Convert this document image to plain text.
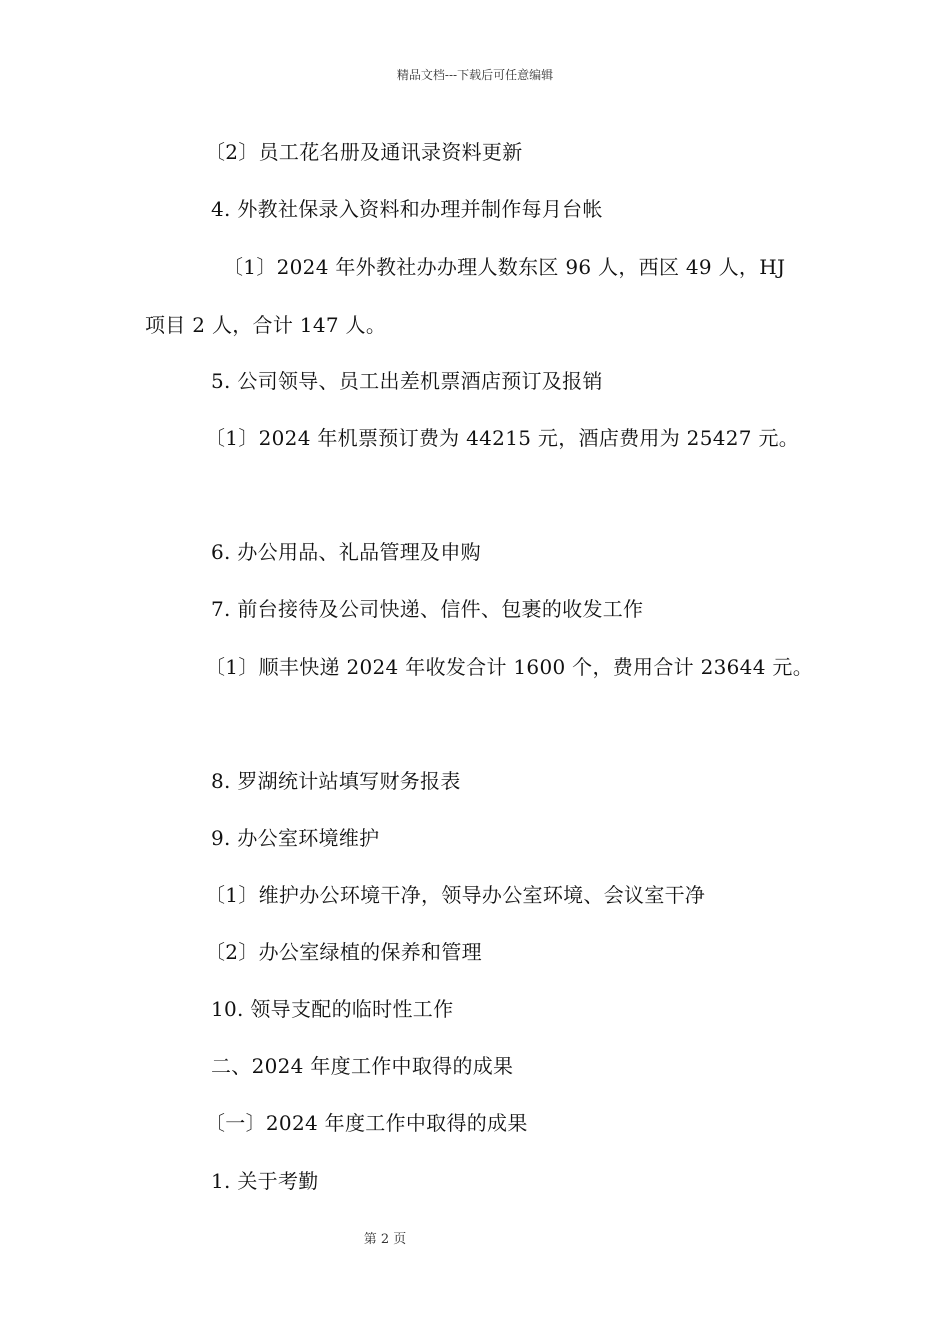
精品文档---下载后可任意编辑
〔2〕员工花名册及通讯录资料更新
4. 外教社保录入资料和办理并制作每月台帐
〔1〕2024 年外教社办办理人数东区 96 人，西区 49 人，HJ
项目 2 人，合计 147 人。
5. 公司领导、员工出差机票酒店预订及报销
〔1〕2024 年机票预订费为 44215 元，酒店费用为 25427 元。
6. 办公用品、礼品管理及申购
7. 前台接待及公司快递、信件、包裹的收发工作
〔1〕顺丰快递 2024 年收发合计 1600 个，费用合计 23644 元。
8. 罗湖统计站填写财务报表
9. 办公室环境维护
〔1〕维护办公环境干净，领导办公室环境、会议室干净
〔2〕办公室绿植的保养和管理
10. 领导支配的临时性工作
二、2024 年度工作中取得的成果
〔一〕2024 年度工作中取得的成果
1. 关于考勤
第 2 页
